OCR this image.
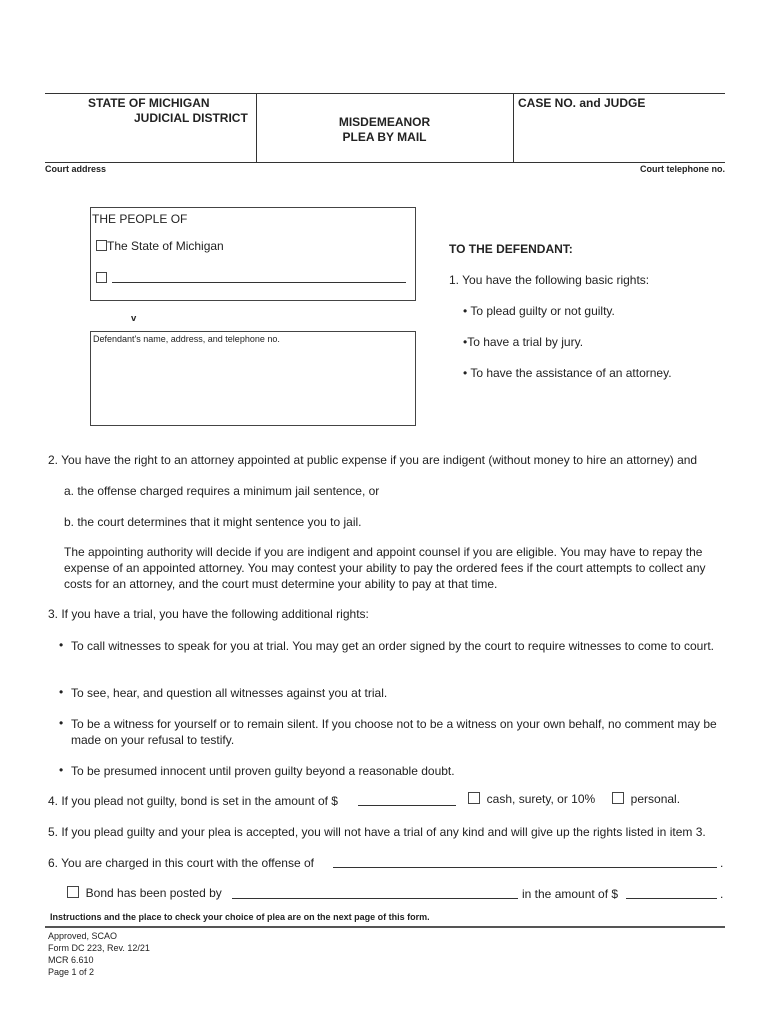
STATE OF MICHIGAN
JUDICIAL DISTRICT	MISDEMEANOR
PLEA BY MAIL
CASE NO. and JUDGE
Court address	Court telephone no.
THE PEOPLE OF
The State of Michigan
v
Defendant's name, address, and telephone no.
TO THE DEFENDANT:
1. You have the following basic rights:
• To plead guilty or not guilty.
•To have a trial by jury.
• To have the assistance of an attorney.
2. You have the right to an attorney appointed at public expense if you are indigent (without money to hire an attorney) and
a. the offense charged requires a minimum jail sentence, or
b. the court determines that it might sentence you to jail.
The appointing authority will decide if you are indigent and appoint counsel if you are eligible. You may have to repay the expense of an appointed attorney. You may contest your ability to pay the ordered fees if the court attempts to collect any costs for an attorney, and the court must determine your ability to pay at that time.
3. If you have a trial, you have the following additional rights:
• To call witnesses to speak for you at trial. You may get an order signed by the court to require witnesses to come to court.
• To see, hear, and question all witnesses against you at trial.
• To be a witness for yourself or to remain silent. If you choose not to be a witness on your own behalf, no comment may be made on your refusal to testify.
• To be presumed innocent until proven guilty beyond a reasonable doubt.
4. If you plead not guilty, bond is set in the amount of $	cash, surety, or 10%	personal.
5. If you plead guilty and your plea is accepted, you will not have a trial of any kind and will give up the rights listed in item 3.
6. You are charged in this court with the offense of	.
Bond has been posted by	in the amount of $	.
Instructions and the place to check your choice of plea are on the next page of this form.
Approved, SCAO
Form DC 223, Rev. 12/21
MCR 6.610
Page 1 of 2
